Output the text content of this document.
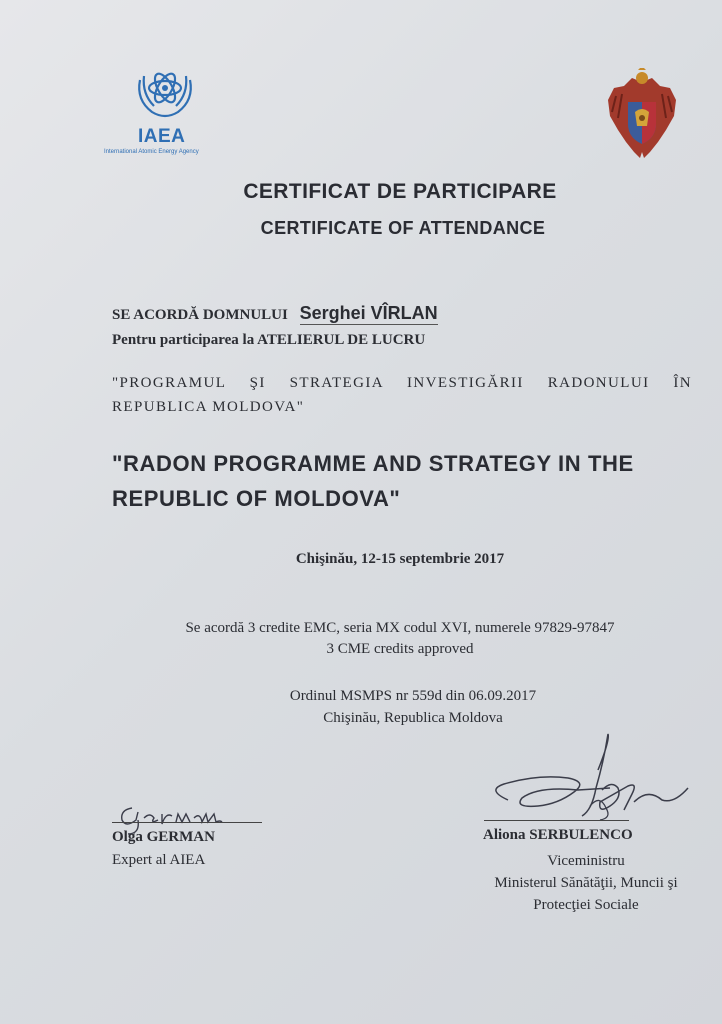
IAEA
International Atomic Energy Agency
CERTIFICAT DE PARTICIPARE
CERTIFICATE OF ATTENDANCE
SE ACORDĂ DOMNULUI Serghei VÎRLAN
Pentru participarea la ATELIERUL DE LUCRU
"PROGRAMUL ŞI STRATEGIA INVESTIGĂRII RADONULUI ÎN REPUBLICA MOLDOVA"
"RADON PROGRAMME AND STRATEGY IN THE REPUBLIC OF MOLDOVA"
Chişinău, 12-15 septembrie 2017
Se acordă 3 credite EMC, seria MX codul XVI, numerele 97829-97847
3 CME credits approved
Ordinul MSMPS nr 559d din 06.09.2017
Chişinău, Republica Moldova
Olga GERMAN
Expert al AIEA
Aliona SERBULENCO
Viceministru
Ministerul Sănătăţii, Muncii şi
Protecţiei Sociale
